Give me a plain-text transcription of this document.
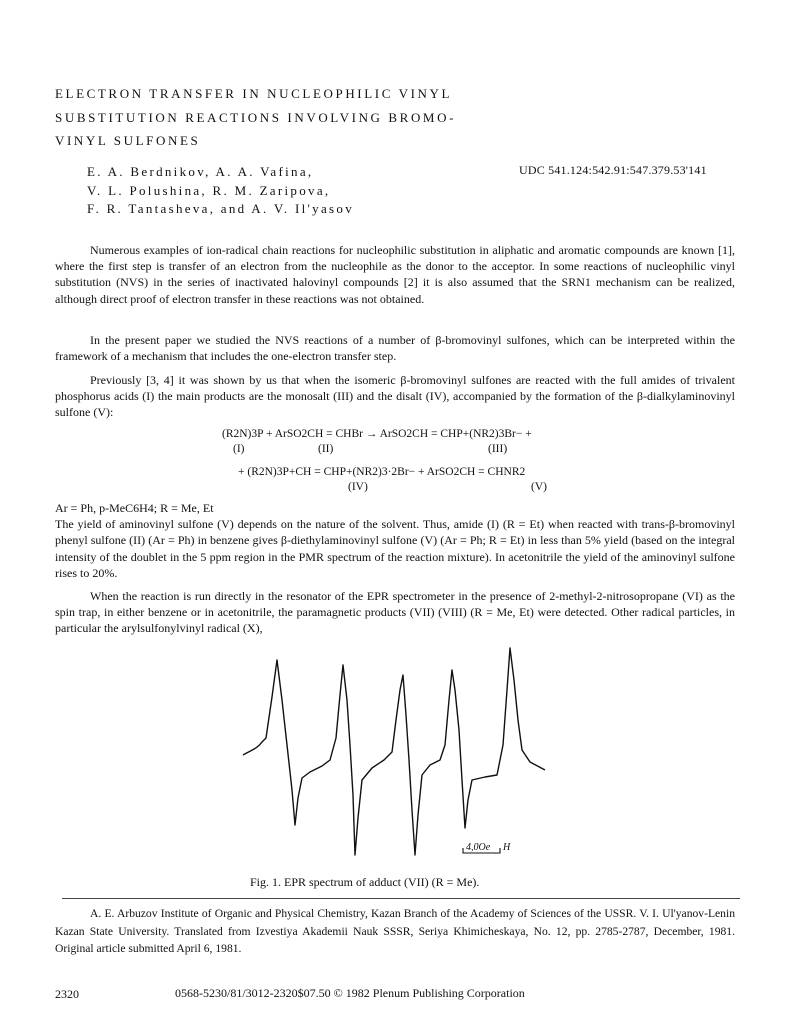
ELECTRON TRANSFER IN NUCLEOPHILIC VINYL
SUBSTITUTION REACTIONS INVOLVING BROMO-
VINYL SULFONES
E. A. Berdnikov, A. A. Vafina,
V. L. Polushina, R. M. Zaripova,
F. R. Tantasheva, and A. V. Il'yasov
UDC 541.124:542.91:547.379.53'141

Numerous examples of ion-radical chain reactions for nucleophilic substitution in aliphatic and aromatic compounds are known [1], where the first step is transfer of an electron from the nucleophile as the donor to the acceptor. In some reactions of nucleophilic vinyl substitution (NVS) in the series of inactivated halovinyl compounds [2] it is also assumed that the SRN1 mechanism can be realized, although direct proof of electron transfer in these reactions was not obtained.

In the present paper we studied the NVS reactions of a number of β-bromovinyl sulfones, which can be interpreted within the framework of a mechanism that includes the one-electron transfer step.

Previously [3, 4] it was shown by us that when the isomeric β-bromovinyl sulfones are reacted with the full amides of trivalent phosphorus acids (I) the main products are the monosalt (III) and the disalt (IV), accompanied by the formation of the β-dialkylaminovinyl sulfone (V):

(R2N)3P + ArSO2CH = CHBr → ArSO2CH = CHP+(NR2)3Br− +
(I)	(II)	(III)
+ (R2N)3P+CH = CHP+(NR2)3·2Br− + ArSO2CH = CHNR2
(IV)	(V)

Ar = Ph, p-MeC6H4; R = Me, Et

The yield of aminovinyl sulfone (V) depends on the nature of the solvent. Thus, amide (I) (R = Et) when reacted with trans-β-bromovinyl phenyl sulfone (II) (Ar = Ph) in benzene gives β-diethylaminovinyl sulfone (V) (Ar = Ph; R = Et) in less than 5% yield (based on the integral intensity of the doublet in the 5 ppm region in the PMR spectrum of the reaction mixture). In acetonitrile the yield of the aminovinyl sulfone rises to 20%.

When the reaction is run directly in the resonator of the EPR spectrometer in the presence of 2-methyl-2-nitrosopropane (VI) as the spin trap, in either benzene or in acetonitrile, the paramagnetic products (VII) (VIII) (R = Me, Et) were detected. Other radical particles, in particular the arylsulfonylvinyl radical (X),

4,0Oe H
Fig. 1. EPR spectrum of adduct (VII) (R = Me).
A. E. Arbuzov Institute of Organic and Physical Chemistry, Kazan Branch of the Academy of Sciences of the USSR. V. I. Ul'yanov-Lenin Kazan State University. Translated from Izvestiya Akademii Nauk SSSR, Seriya Khimicheskaya, No. 12, pp. 2785-2787, December, 1981. Original article submitted April 6, 1981.
2320	0568-5230/81/3012-2320$07.50 © 1982 Plenum Publishing Corporation
